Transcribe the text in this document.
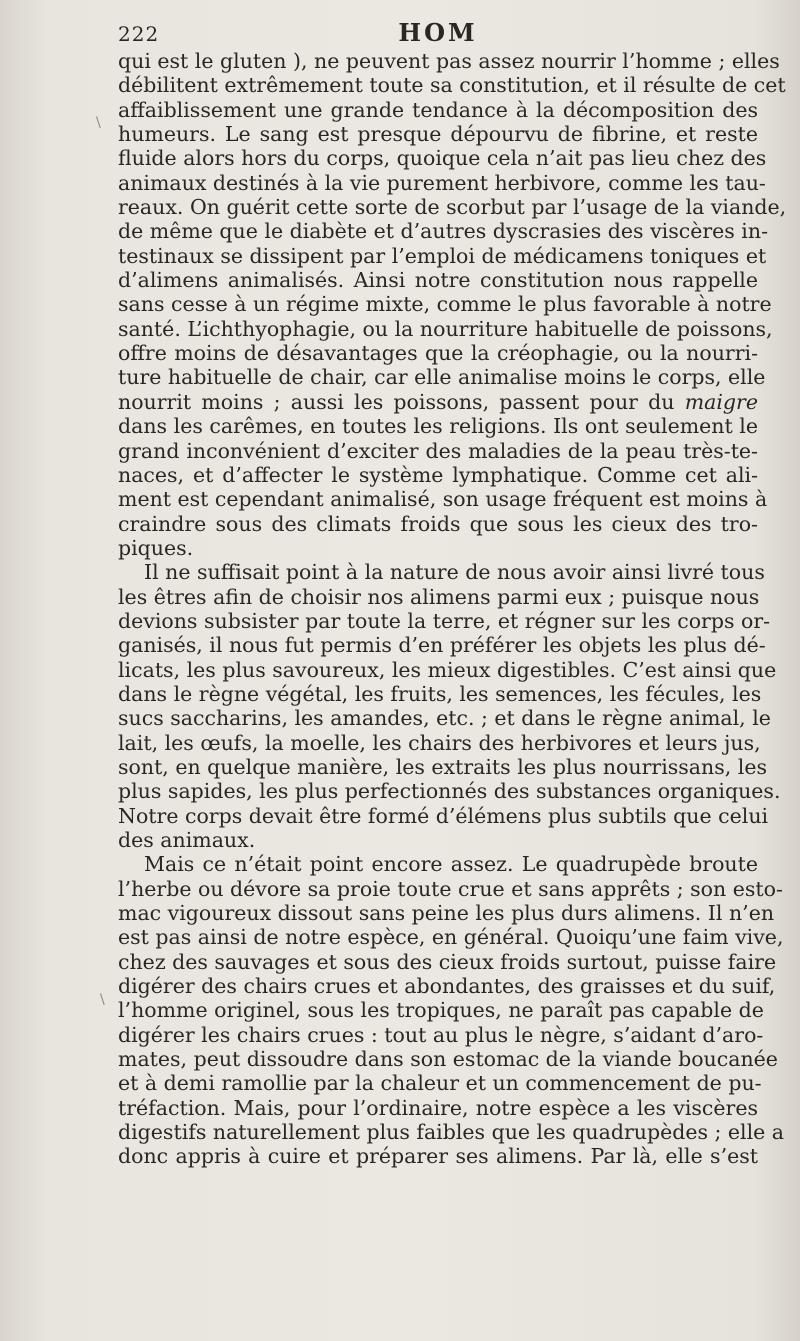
222	HOM
\
\
qui est le gluten ), ne peuvent pas assez nourrir l’homme ; elles
débilitent extrêmement toute sa constitution, et il résulte de cet
affaiblissement une grande tendance à la décomposition des
humeurs. Le sang est presque dépourvu de fibrine, et reste
fluide alors hors du corps, quoique cela n’ait pas lieu chez des
animaux destinés à la vie purement herbivore, comme les tau-
reaux. On guérit cette sorte de scorbut par l’usage de la viande,
de même que le diabète et d’autres dyscrasies des viscères in-
testinaux se dissipent par l’emploi de médicamens toniques et
d’alimens animalisés. Ainsi notre constitution nous rappelle
sans cesse à un régime mixte, comme le plus favorable à notre
santé. L’ichthyophagie, ou la nourriture habituelle de poissons,
offre moins de désavantages que la créophagie, ou la nourri-
ture habituelle de chair, car elle animalise moins le corps, elle
nourrit moins ; aussi les poissons, passent pour du maigre
dans les carêmes, en toutes les religions. Ils ont seulement le
grand inconvénient d’exciter des maladies de la peau très-te-
naces, et d’affecter le système lymphatique. Comme cet ali-
ment est cependant animalisé, son usage fréquent est moins à
craindre sous des climats froids que sous les cieux des tro-
piques.
Il ne suffisait point à la nature de nous avoir ainsi livré tous
les êtres afin de choisir nos alimens parmi eux ; puisque nous
devions subsister par toute la terre, et régner sur les corps or-
ganisés, il nous fut permis d’en préférer les objets les plus dé-
licats, les plus savoureux, les mieux digestibles. C’est ainsi que
dans le règne végétal, les fruits, les semences, les fécules, les
sucs saccharins, les amandes, etc. ; et dans le règne animal, le
lait, les œufs, la moelle, les chairs des herbivores et leurs jus,
sont, en quelque manière, les extraits les plus nourrissans, les
plus sapides, les plus perfectionnés des substances organiques.
Notre corps devait être formé d’élémens plus subtils que celui
des animaux.
Mais ce n’était point encore assez. Le quadrupède broute
l’herbe ou dévore sa proie toute crue et sans apprêts ; son esto-
mac vigoureux dissout sans peine les plus durs alimens. Il n’en
est pas ainsi de notre espèce, en général. Quoiqu’une faim vive,
chez des sauvages et sous des cieux froids surtout, puisse faire
digérer des chairs crues et abondantes, des graisses et du suif,
l’homme originel, sous les tropiques, ne paraît pas capable de
digérer les chairs crues : tout au plus le nègre, s’aidant d’aro-
mates, peut dissoudre dans son estomac de la viande boucanée
et à demi ramollie par la chaleur et un commencement de pu-
tréfaction. Mais, pour l’ordinaire, notre espèce a les viscères
digestifs naturellement plus faibles que les quadrupèdes ; elle a
donc appris à cuire et préparer ses alimens. Par là, elle s’est
